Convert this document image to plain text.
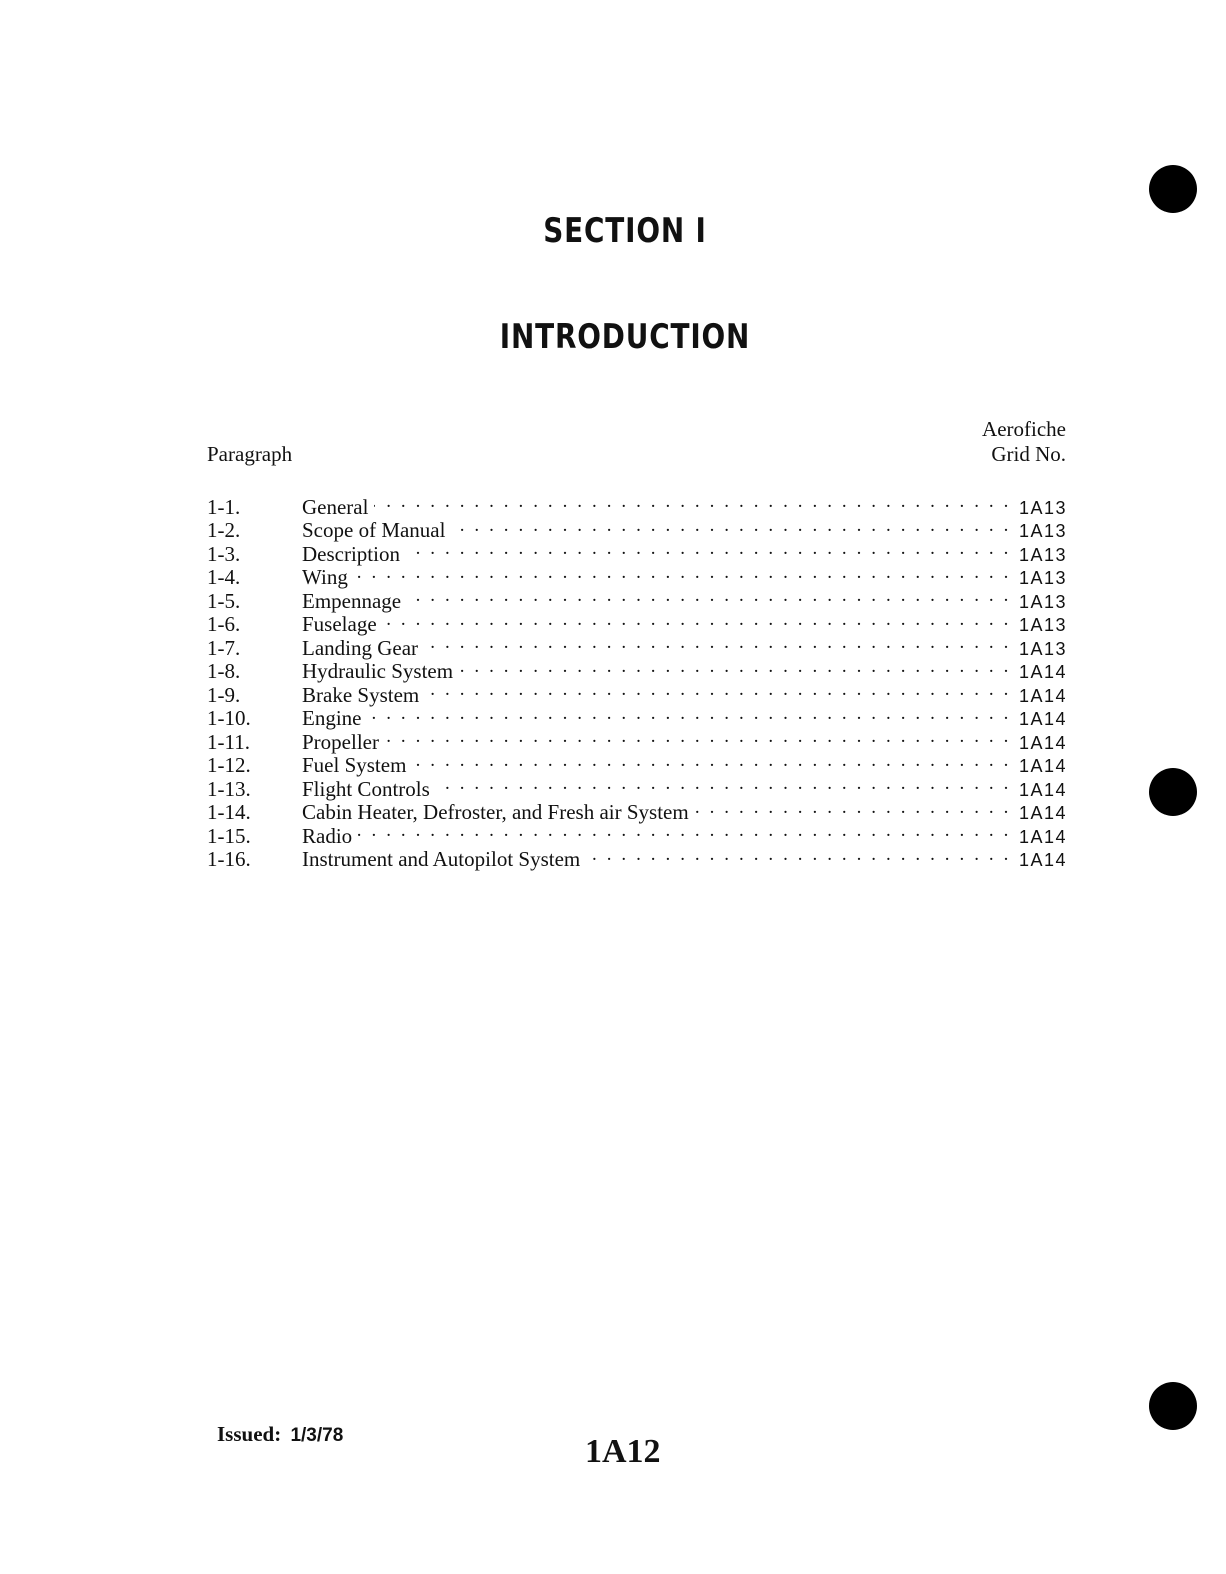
SECTION I
INTRODUCTION
Paragraph
Aerofiche
Grid No.
1-1.	General . . .	1A13
1-2.	Scope of Manual . . .	1A13
1-3.	Description . . .	1A13
1-4.	Wing . . .	1A13
1-5.	Empennage . . .	1A13
1-6.	Fuselage . . .	1A13
1-7.	Landing Gear . . .	1A13
1-8.	Hydraulic System . . .	1A14
1-9.	Brake System . . .	1A14
1-10.	Engine . . .	1A14
1-11.	Propeller . . .	1A14
1-12.	Fuel System . . .	1A14
1-13.	Flight Controls . . .	1A14
1-14.	Cabin Heater, Defroster, and Fresh air System . . .	1A14
1-15.	Radio . . .	1A14
1-16.	Instrument and Autopilot System . . .	1A14
Issued: 1/3/78	1A12
